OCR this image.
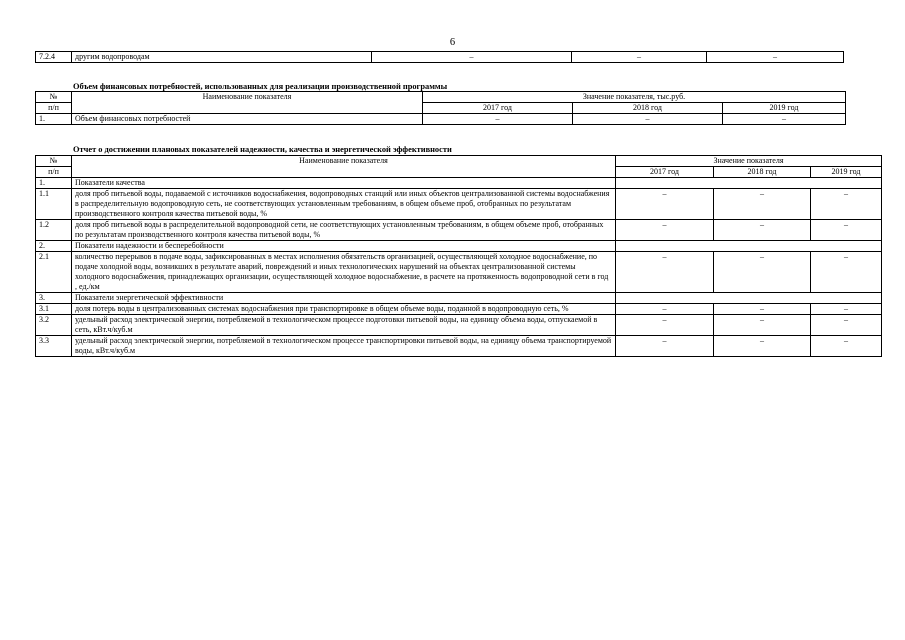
6
7.2.4	другим водопроводам	–	–	–
Объем финансовых потребностей, использованных для реализации производственной программы
№	Наименование показателя	Значение показателя, тыс.руб.		
п/п		2017 год	2018 год	2019 год
1.	Объем финансовых потребностей	–	–	–
Отчет о достижении плановых показателей надежности, качества и энергетической эффективности
№	Наименование показателя	Значение показателя		
п/п		2017 год	2018 год	2019 год
1.	Показатели качества			
1.1	доля проб питьевой воды, подаваемой с источников водоснабжения, водопроводных станций или иных объектов централизованной системы водоснабжения в распределительную водопроводную сеть, не соответствующих установленным требованиям, в общем объеме проб, отобранных по результатам производственного контроля качества питьевой воды, %	–	–	–
1.2	доля проб питьевой воды в распределительной водопроводной сети, не соответствующих установленным требованиям, в общем объеме проб, отобранных по результатам производственного контроля качества питьевой воды, %	–	–	–
2.	Показатели надежности и бесперебойности			
2.1	количество перерывов в подаче воды, зафиксированных в местах исполнения обязательств организацией, осуществляющей холодное водоснабжение, по подаче холодной воды, возникших в результате аварий, повреждений и иных технологических нарушений на объектах централизованной системы холодного водоснабжения, принадлежащих организации, осуществляющей холодное водоснабжение, в расчете на протяженность водопроводной сети в год , ед./км	–	–	–
3.	Показатели энергетической эффективности			
3.1	доля потерь воды в централизованных системах водоснабжения при транспортировке в общем объеме воды, поданной в водопроводную сеть, %	–	–	–
3.2	удельный расход электрической энергии, потребляемой в технологическом процессе подготовки питьевой воды, на единицу объема воды, отпускаемой в сеть, кВт.ч/куб.м	–	–	–
3.3	удельный расход электрической энергии, потребляемой в технологическом процессе транспортировки питьевой воды, на единицу объема транспортируемой воды, кВт.ч/куб.м	–	–	–
